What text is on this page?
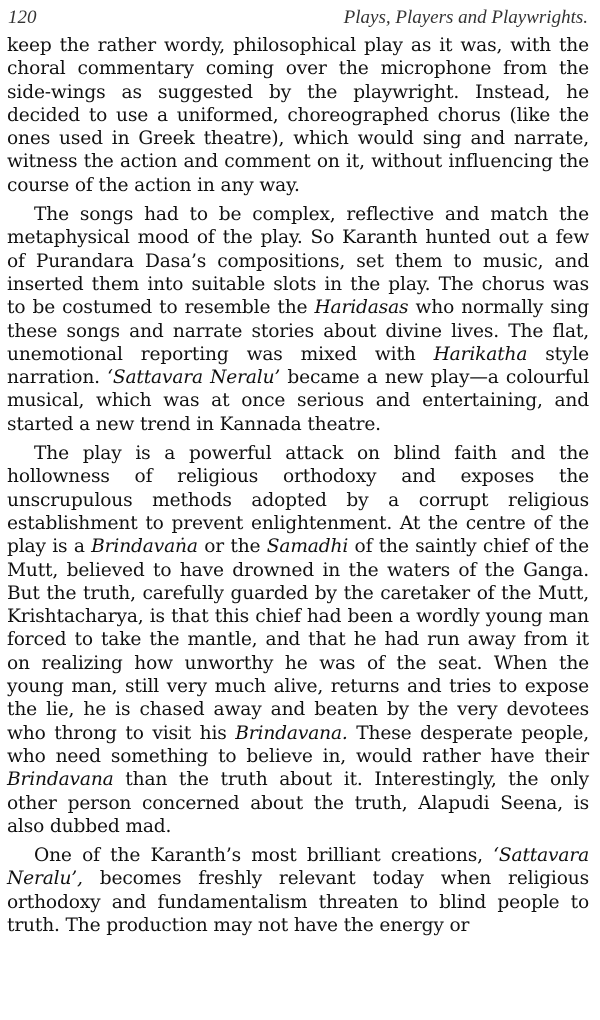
120	Plays, Players and Playwrights.

keep the rather wordy, philosophical play as it was, with the choral commentary coming over the microphone from the side-wings as suggested by the playwright. Instead, he decided to use a uniformed, choreographed chorus (like the ones used in Greek theatre), which would sing and narrate, witness the action and comment on it, without influencing the course of the action in any way.

The songs had to be complex, reflective and match the metaphysical mood of the play. So Karanth hunted out a few of Purandara Dasa’s compositions, set them to music, and inserted them into suitable slots in the play. The chorus was to be costumed to resemble the Haridasas who normally sing these songs and narrate stories about divine lives. The flat, unemotional reporting was mixed with Harikatha style narration. ‘Sattavara Neralu’ became a new play—a colourful musical, which was at once serious and entertaining, and started a new trend in Kannada theatre.

The play is a powerful attack on blind faith and the hollowness of religious orthodoxy and exposes the unscrupulous methods adopted by a corrupt religious establishment to prevent enlightenment. At the centre of the play is a Brindavaṅa or the Samadhi of the saintly chief of the Mutt, believed to have drowned in the waters of the Ganga. But the truth, carefully guarded by the caretaker of the Mutt, Krishtacharya, is that this chief had been a wordly young man forced to take the mantle, and that he had run away from it on realizing how unworthy he was of the seat. When the young man, still very much alive, returns and tries to expose the lie, he is chased away and beaten by the very devotees who throng to visit his Brindavana. These desperate people, who need something to believe in, would rather have their Brindavana than the truth about it. Interestingly, the only other person concerned about the truth, Alapudi Seena, is also dubbed mad.

One of the Karanth’s most brilliant creations, ‘Sattavara Neralu’, becomes freshly relevant today when religious orthodoxy and fundamentalism threaten to blind people to truth. The production may not have the energy or
